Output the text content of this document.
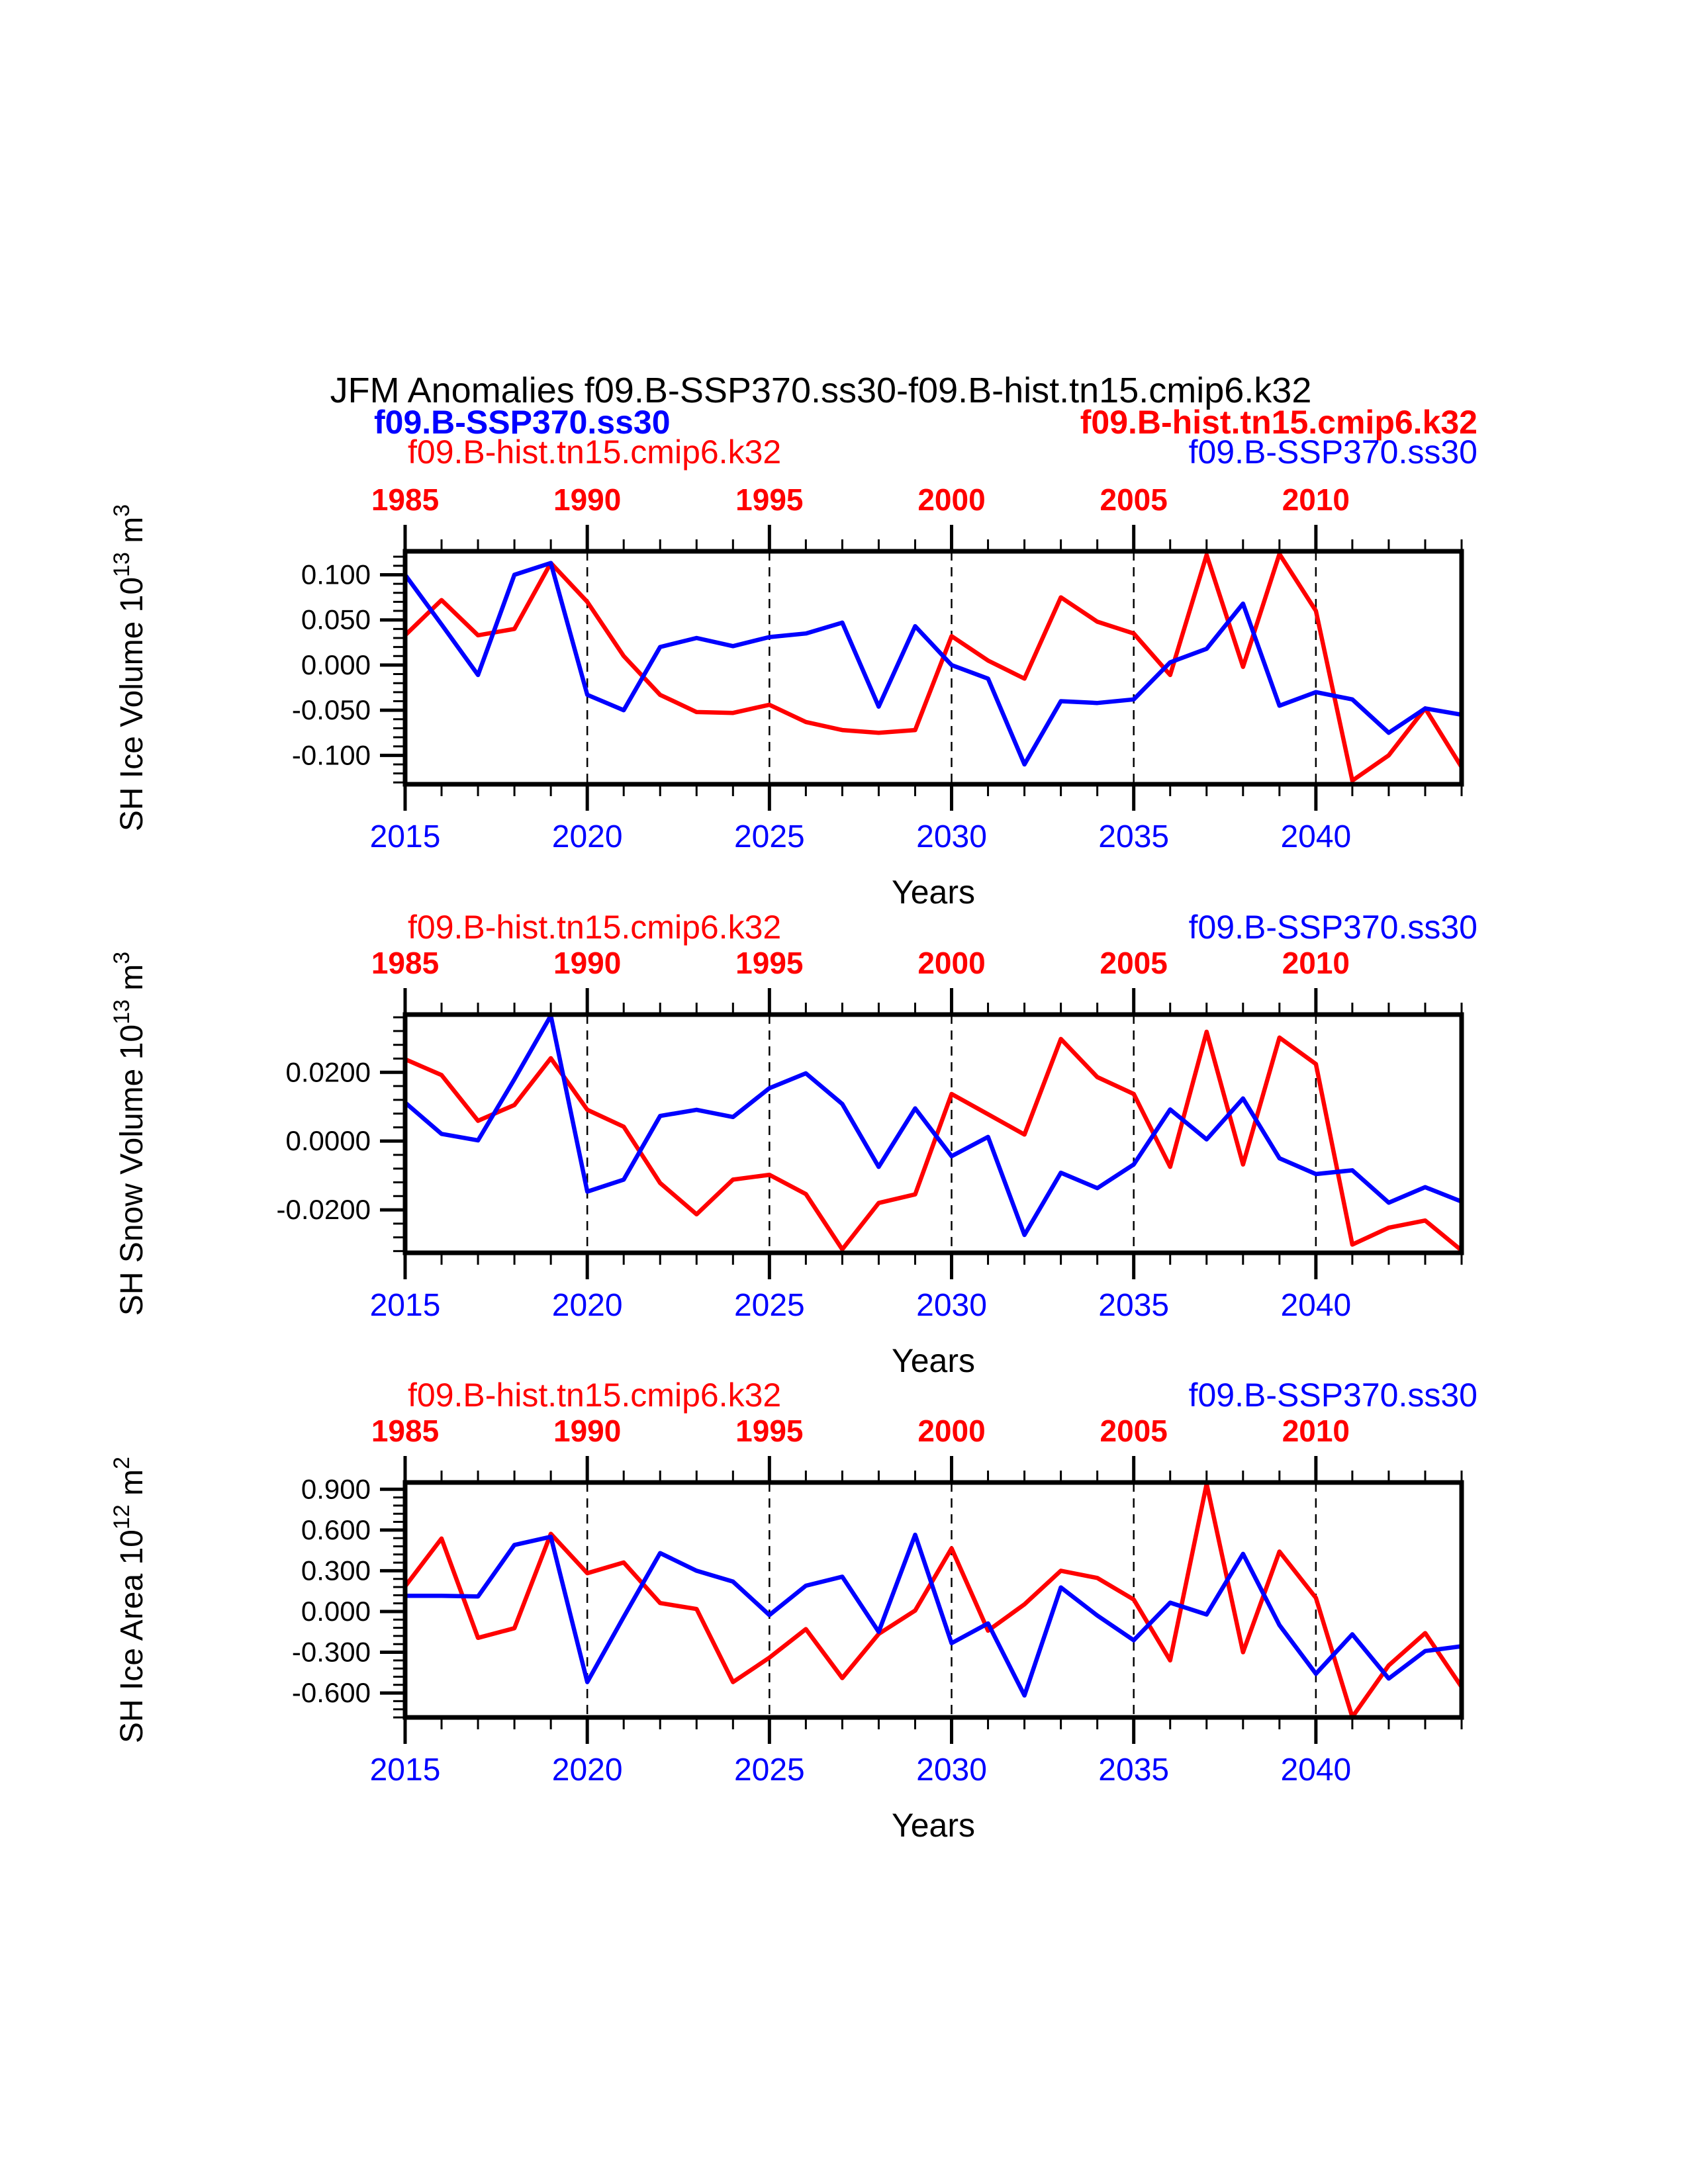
JFM Anomalies f09.B-SSP370.ss30-f09.B-hist.tn15.cmip6.k32
0.100
0.050
0.000
-0.050
-0.100
1985	1990	1995	2000	2005	2010
2015	2020	2025	2030	2035	2040
Years
f09.B-SSP370.ss30	f09.B-hist.tn15.cmip6.k32
f09.B-hist.tn15.cmip6.k32	f09.B-SSP370.ss30
SH Ice Volume $10^{13}$ $m^3$
0.0200
0.0000
-0.0200
1985	1990	1995	2000	2005	2010
2015	2020	2025	2030	2035	2040
Years
f09.B-hist.tn15.cmip6.k32	f09.B-SSP370.ss30
SH Snow Volume $10^{13}$ $m^3$
0.900
0.600
0.300
0.000
-0.300
-0.600
1985	1990	1995	2000	2005	2010
2015	2020	2025	2030	2035	2040
Years
f09.B-hist.tn15.cmip6.k32	f09.B-SSP370.ss30
SH Ice Area $10^{12}$ $m^2$
